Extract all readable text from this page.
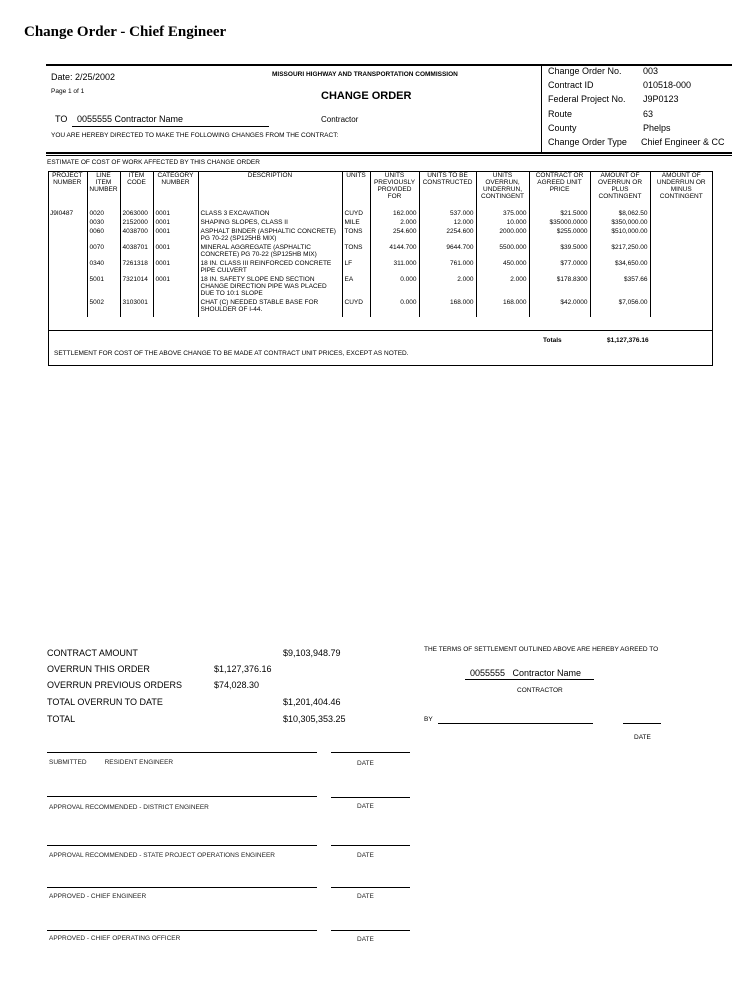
Change Order - Chief Engineer
Date: 2/25/2002
Page 1 of 1
MISSOURI HIGHWAY AND TRANSPORTATION COMMISSION
CHANGE ORDER
TO 0055555 Contractor Name	Contractor
YOU ARE HEREBY DIRECTED TO MAKE THE FOLLOWING CHANGES FROM THE CONTRACT:
Change Order No. 003
Contract ID	010518-000
Federal Project No. J9P0123
Route	63
County	Phelps
Change Order Type Chief Engineer & CC
ESTIMATE OF COST OF WORK AFFECTED BY THIS CHANGE ORDER
PROJECT NUMBER	LINE ITEM NUMBER	ITEM CODE	CATEGORY NUMBER	DESCRIPTION	UNITS	UNITS PREVIOUSLY PROVIDED FOR	UNITS TO BE CONSTRUCTED	UNITS OVERRUN, UNDERRUN, CONTINGENT	CONTRACT OR AGREED UNIT PRICE	AMOUNT OF OVERRUN OR PLUS CONTINGENT	AMOUNT OF UNDERRUN OR MINUS CONTINGENT
J9I0487	0020	2063000	0001	CLASS 3 EXCAVATION	CUYD	162.000	537.000	375.000	$21.5000	$8,062.50	
	0030	2152000	0001	SHAPING SLOPES, CLASS II	MILE	2.000	12.000	10.000	$35000.0000	$350,000.00	
	0060	4038700	0001	ASPHALT BINDER (ASPHALTIC CONCRETE) PG 70-22 (SP125HB MIX)	TONS	254.600	2254.600	2000.000	$255.0000	$510,000.00	
	0070	4038701	0001	MINERAL AGGREGATE (ASPHALTIC CONCRETE) PG 70-22 (SP125HB MIX)	TONS	4144.700	9644.700	5500.000	$39.5000	$217,250.00	
	0340	7261318	0001	18 IN. CLASS III REINFORCED CONCRETE PIPE CULVERT	LF	311.000	761.000	450.000	$77.0000	$34,650.00	
	5001	7321014	0001	18 IN. SAFETY SLOPE END SECTION CHANGE DIRECTION PIPE WAS PLACED DUE TO 10:1 SLOPE	EA	0.000	2.000	2.000	$178.8300	$357.66	
	5002	3103001		CHAT (C) NEEDED STABLE BASE FOR SHOULDER OF I-44.	CUYD	0.000	168.000	168.000	$42.0000	$7,056.00	

Totals	$1,127,376.16
SETTLEMENT FOR COST OF THE ABOVE CHANGE TO BE MADE AT CONTRACT UNIT PRICES, EXCEPT AS NOTED.
CONTRACT AMOUNT	$9,103,948.79
OVERRUN THIS ORDER	$1,127,376.16
OVERRUN PREVIOUS ORDERS	$74,028.30
TOTAL OVERRUN TO DATE	$1,201,404.46
TOTAL	$10,305,353.25
THE TERMS OF SETTLEMENT OUTLINED ABOVE ARE HEREBY AGREED TO
0055555   Contractor Name
CONTRACTOR
BY
DATE
SUBMITTED          RESIDENT ENGINEER	DATE
APPROVAL RECOMMENDED - DISTRICT ENGINEER	DATE
APPROVAL RECOMMENDED - STATE PROJECT OPERATIONS ENGINEER	DATE
APPROVED - CHIEF ENGINEER	DATE
APPROVED - CHIEF OPERATING OFFICER	DATE
